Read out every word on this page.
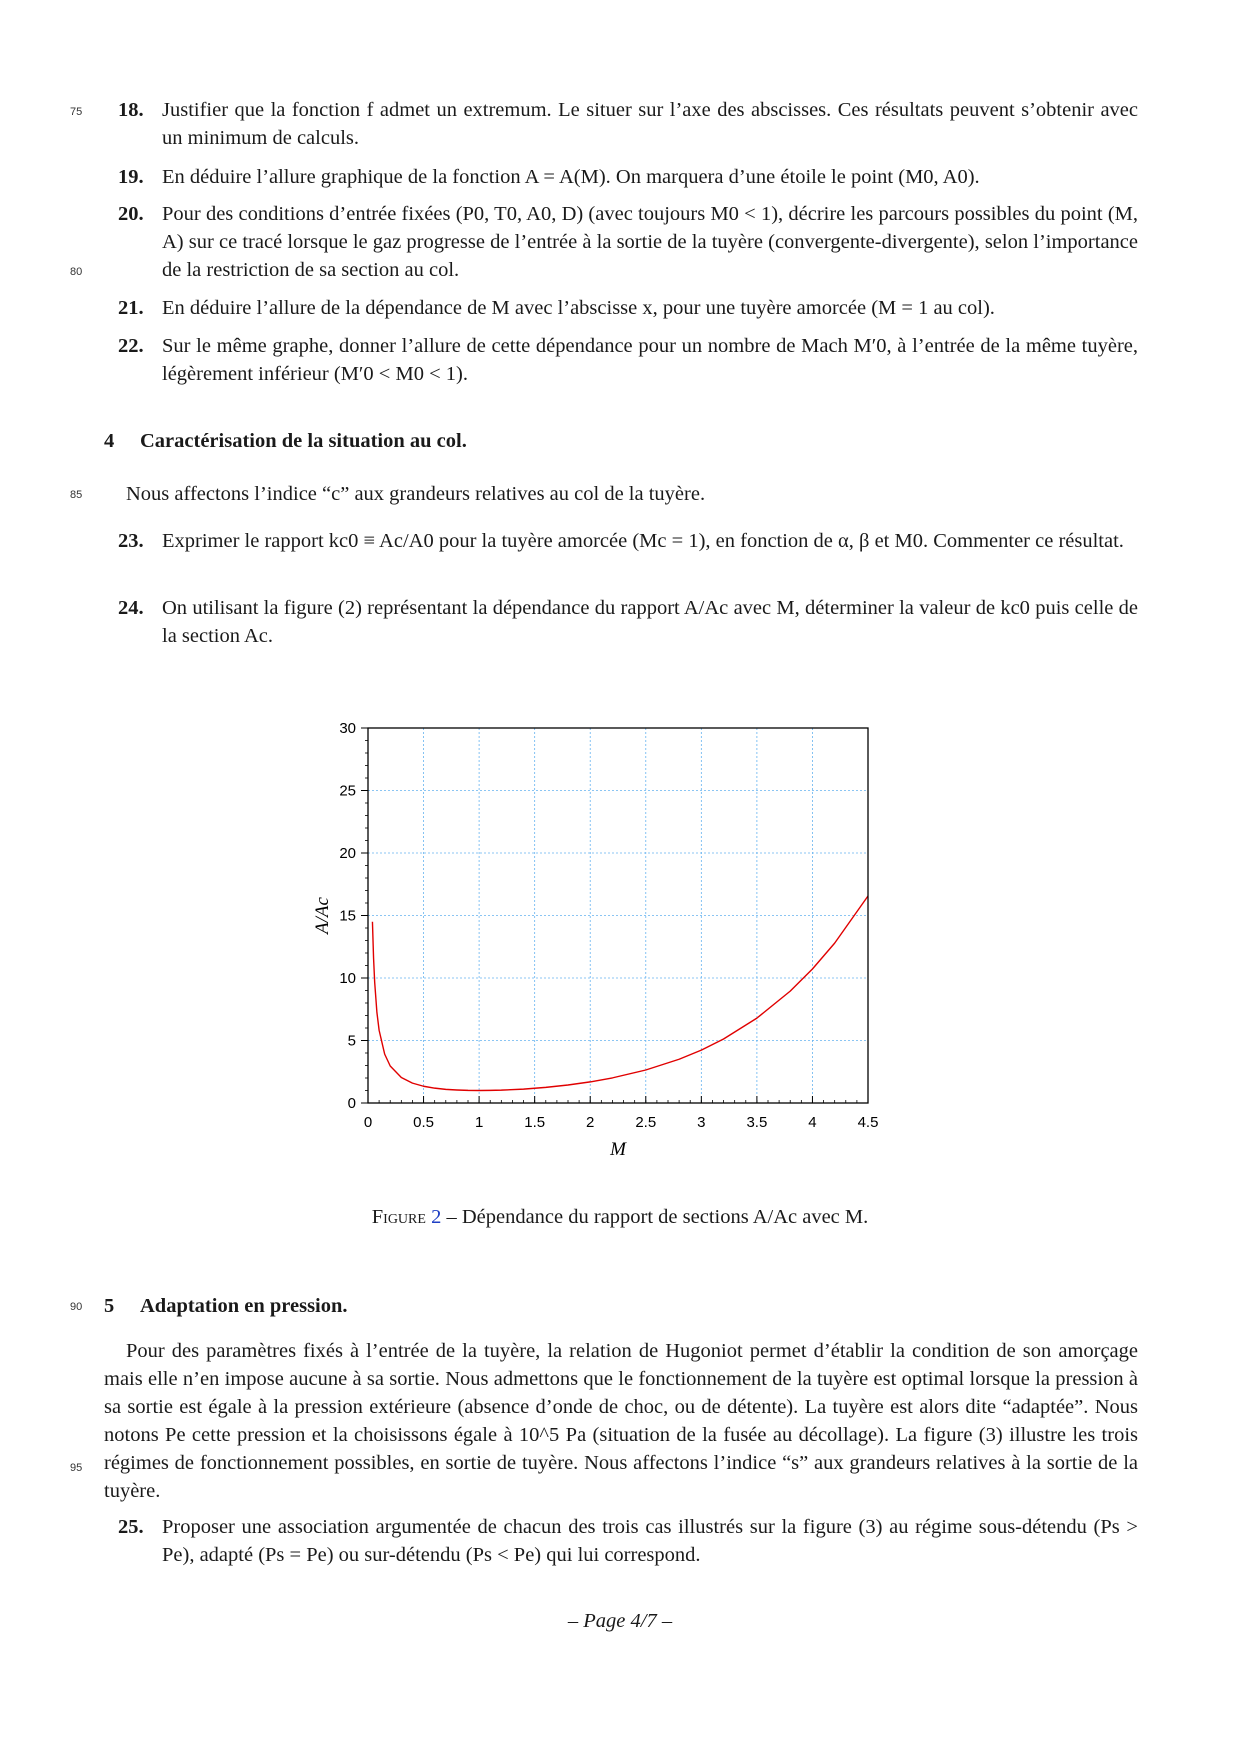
75
80
85
90
95
18. Justifier que la fonction f admet un extremum. Le situer sur l’axe des abscisses. Ces résultats peuvent s’obtenir avec un minimum de calculs.
19. En déduire l’allure graphique de la fonction A = A(M). On marquera d’une étoile le point (M0, A0).
20. Pour des conditions d’entrée fixées (P0, T0, A0, D) (avec toujours M0 < 1), décrire les parcours possibles du point (M, A) sur ce tracé lorsque le gaz progresse de l’entrée à la sortie de la tuyère (convergente-divergente), selon l’importance de la restriction de sa section au col.
21. En déduire l’allure de la dépendance de M avec l’abscisse x, pour une tuyère amorcée (M = 1 au col).
22. Sur le même graphe, donner l’allure de cette dépendance pour un nombre de Mach M′0, à l’entrée de la même tuyère, légèrement inférieur (M′0 < M0 < 1).
4 Caractérisation de la situation au col.
Nous affectons l’indice “c” aux grandeurs relatives au col de la tuyère.
23. Exprimer le rapport kc0 ≡ Ac/A0 pour la tuyère amorcée (Mc = 1), en fonction de α, β et M0. Commenter ce résultat.
24. On utilisant la figure (2) représentant la dépendance du rapport A/Ac avec M, déterminer la valeur de kc0 puis celle de la section Ac.
0	0.5	1	1.5	2	2.5	3	3.5	4	4.5
0
5
10
15
20
25
30
M
A/Ac
Figure 2 – Dépendance du rapport de sections A/Ac avec M.
5 Adaptation en pression.
Pour des paramètres fixés à l’entrée de la tuyère, la relation de Hugoniot permet d’établir la condition de son amorçage mais elle n’en impose aucune à sa sortie. Nous admettons que le fonctionnement de la tuyère est optimal lorsque la pression à sa sortie est égale à la pression extérieure (absence d’onde de choc, ou de détente). La tuyère est alors dite “adaptée”. Nous notons Pe cette pression et la choisissons égale à 10^5 Pa (situation de la fusée au décollage). La figure (3) illustre les trois régimes de fonctionnement possibles, en sortie de tuyère. Nous affectons l’indice “s” aux grandeurs relatives à la sortie de la tuyère.
25. Proposer une association argumentée de chacun des trois cas illustrés sur la figure (3) au régime sous-détendu (Ps > Pe), adapté (Ps = Pe) ou sur-détendu (Ps < Pe) qui lui correspond.
– Page 4/7 –
